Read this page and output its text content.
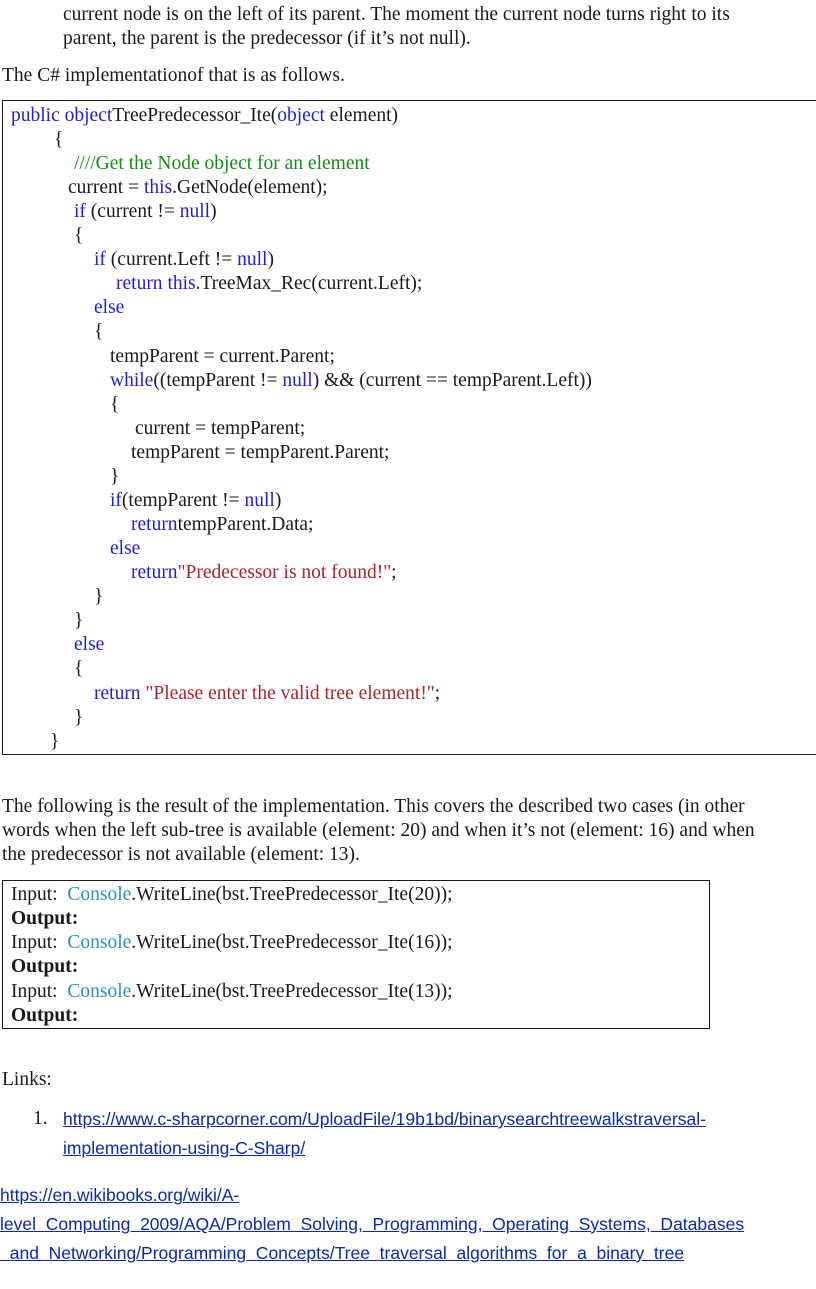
current node is on the left of its parent. The moment the current node turns right to its
parent, the parent is the predecessor (if it’s not null).
The C# implementationof that is as follows.
public objectTreePredecessor_Ite(object element)
{
////Get the Node object for an element
current = this.GetNode(element);
if (current != null)
{
if (current.Left != null)
return this.TreeMax_Rec(current.Left);
else
{
tempParent = current.Parent;
while((tempParent != null) && (current == tempParent.Left))
{
current = tempParent;
tempParent = tempParent.Parent;
}
if(tempParent != null)
returntempParent.Data;
else
return"Predecessor is not found!";
}
}
else
{
return "Please enter the valid tree element!";
}
}
The following is the result of the implementation. This covers the described two cases (in other
words when the left sub-tree is available (element: 20) and when it’s not (element: 16) and when
the predecessor is not available (element: 13).
Input:  Console.WriteLine(bst.TreePredecessor_Ite(20));
Output:
Input:  Console.WriteLine(bst.TreePredecessor_Ite(16));
Output:
Input:  Console.WriteLine(bst.TreePredecessor_Ite(13));
Output:
Links:
1. https://www.c-sharpcorner.com/UploadFile/19b1bd/binarysearchtreewalkstraversal-
implementation-using-C-Sharp/
https://en.wikibooks.org/wiki/A-
level  Computing  2009/AQA/Problem  Solving,  Programming,  Operating  Systems,  Databases
and  Networking/Programming  Concepts/Tree  traversal  algorithms  for  a  binary  tree
